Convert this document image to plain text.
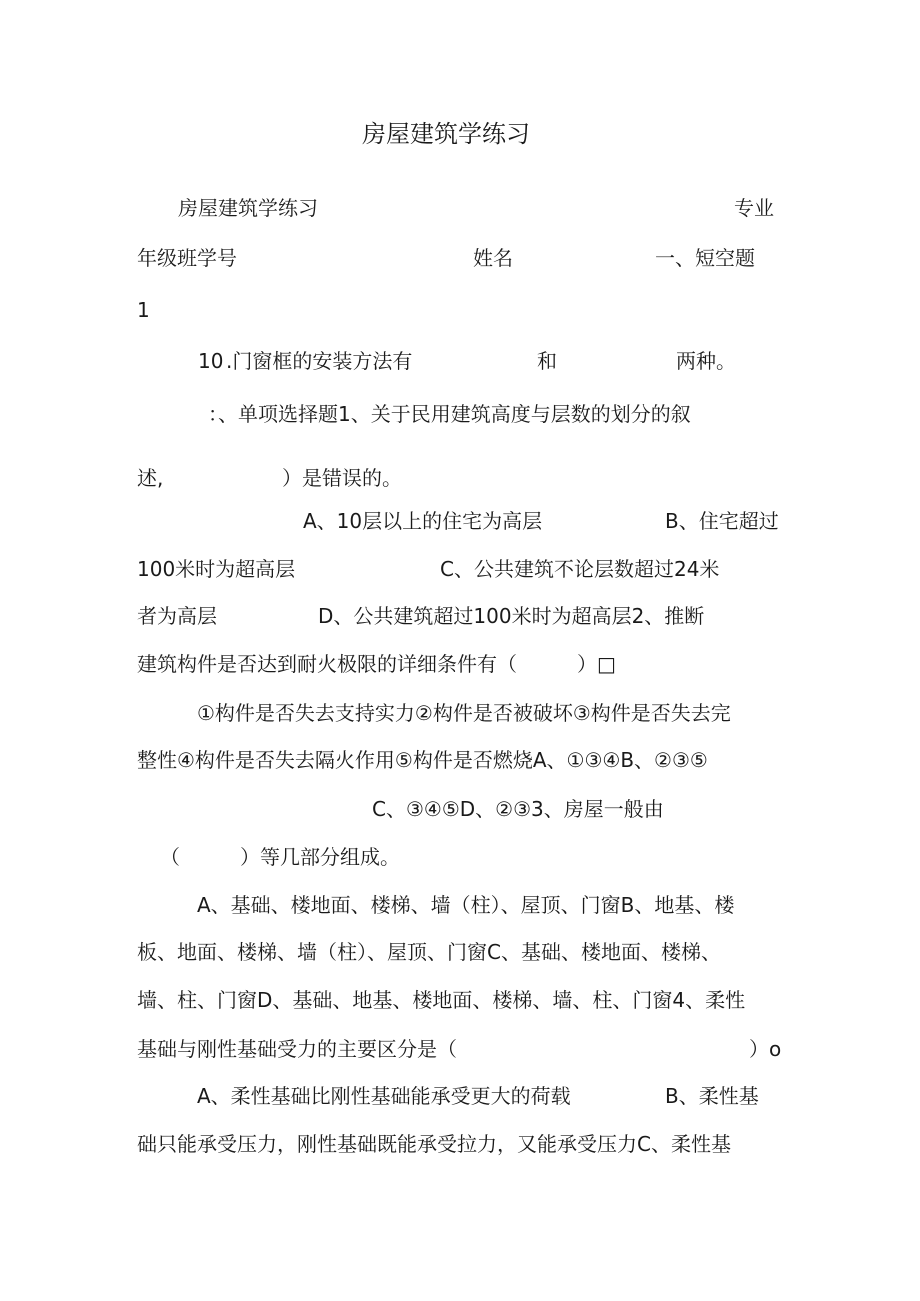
房屋建筑学练习
房屋建筑学练习	专业
年级班学号	姓名	一、短空题
1
10 .门窗框的安装方法有	和	两种。
：、单项选择题1、关于民用建筑高度与层数的划分的叙
述,	）是错误的。
A、10层以上的住宅为高层	B、住宅超过
100米时为超高层	C、公共建筑不论层数超过24米
者为高层	D、公共建筑超过100米时为超高层2、推断
建筑构件是否达到耐火极限的详细条件有（　　　）□
①构件是否失去支持实力②构件是否被破坏③构件是否失去完
整性④构件是否失去隔火作用⑤构件是否燃烧A、①③④B、②③⑤
C、③④⑤D、②③3、房屋一般由
（　　　）等几部分组成。
A、基础、楼地面、楼梯、墙（柱）、屋顶、门窗B、地基、楼
板、地面、楼梯、墙（柱）、屋顶、门窗C、基础、楼地面、楼梯、
墙、柱、门窗D、基础、地基、楼地面、楼梯、墙、柱、门窗4、柔性
基础与刚性基础受力的主要区分是（	）o
A、柔性基础比刚性基础能承受更大的荷载	B、柔性基
础只能承受压力，刚性基础既能承受拉力，又能承受压力C、柔性基
